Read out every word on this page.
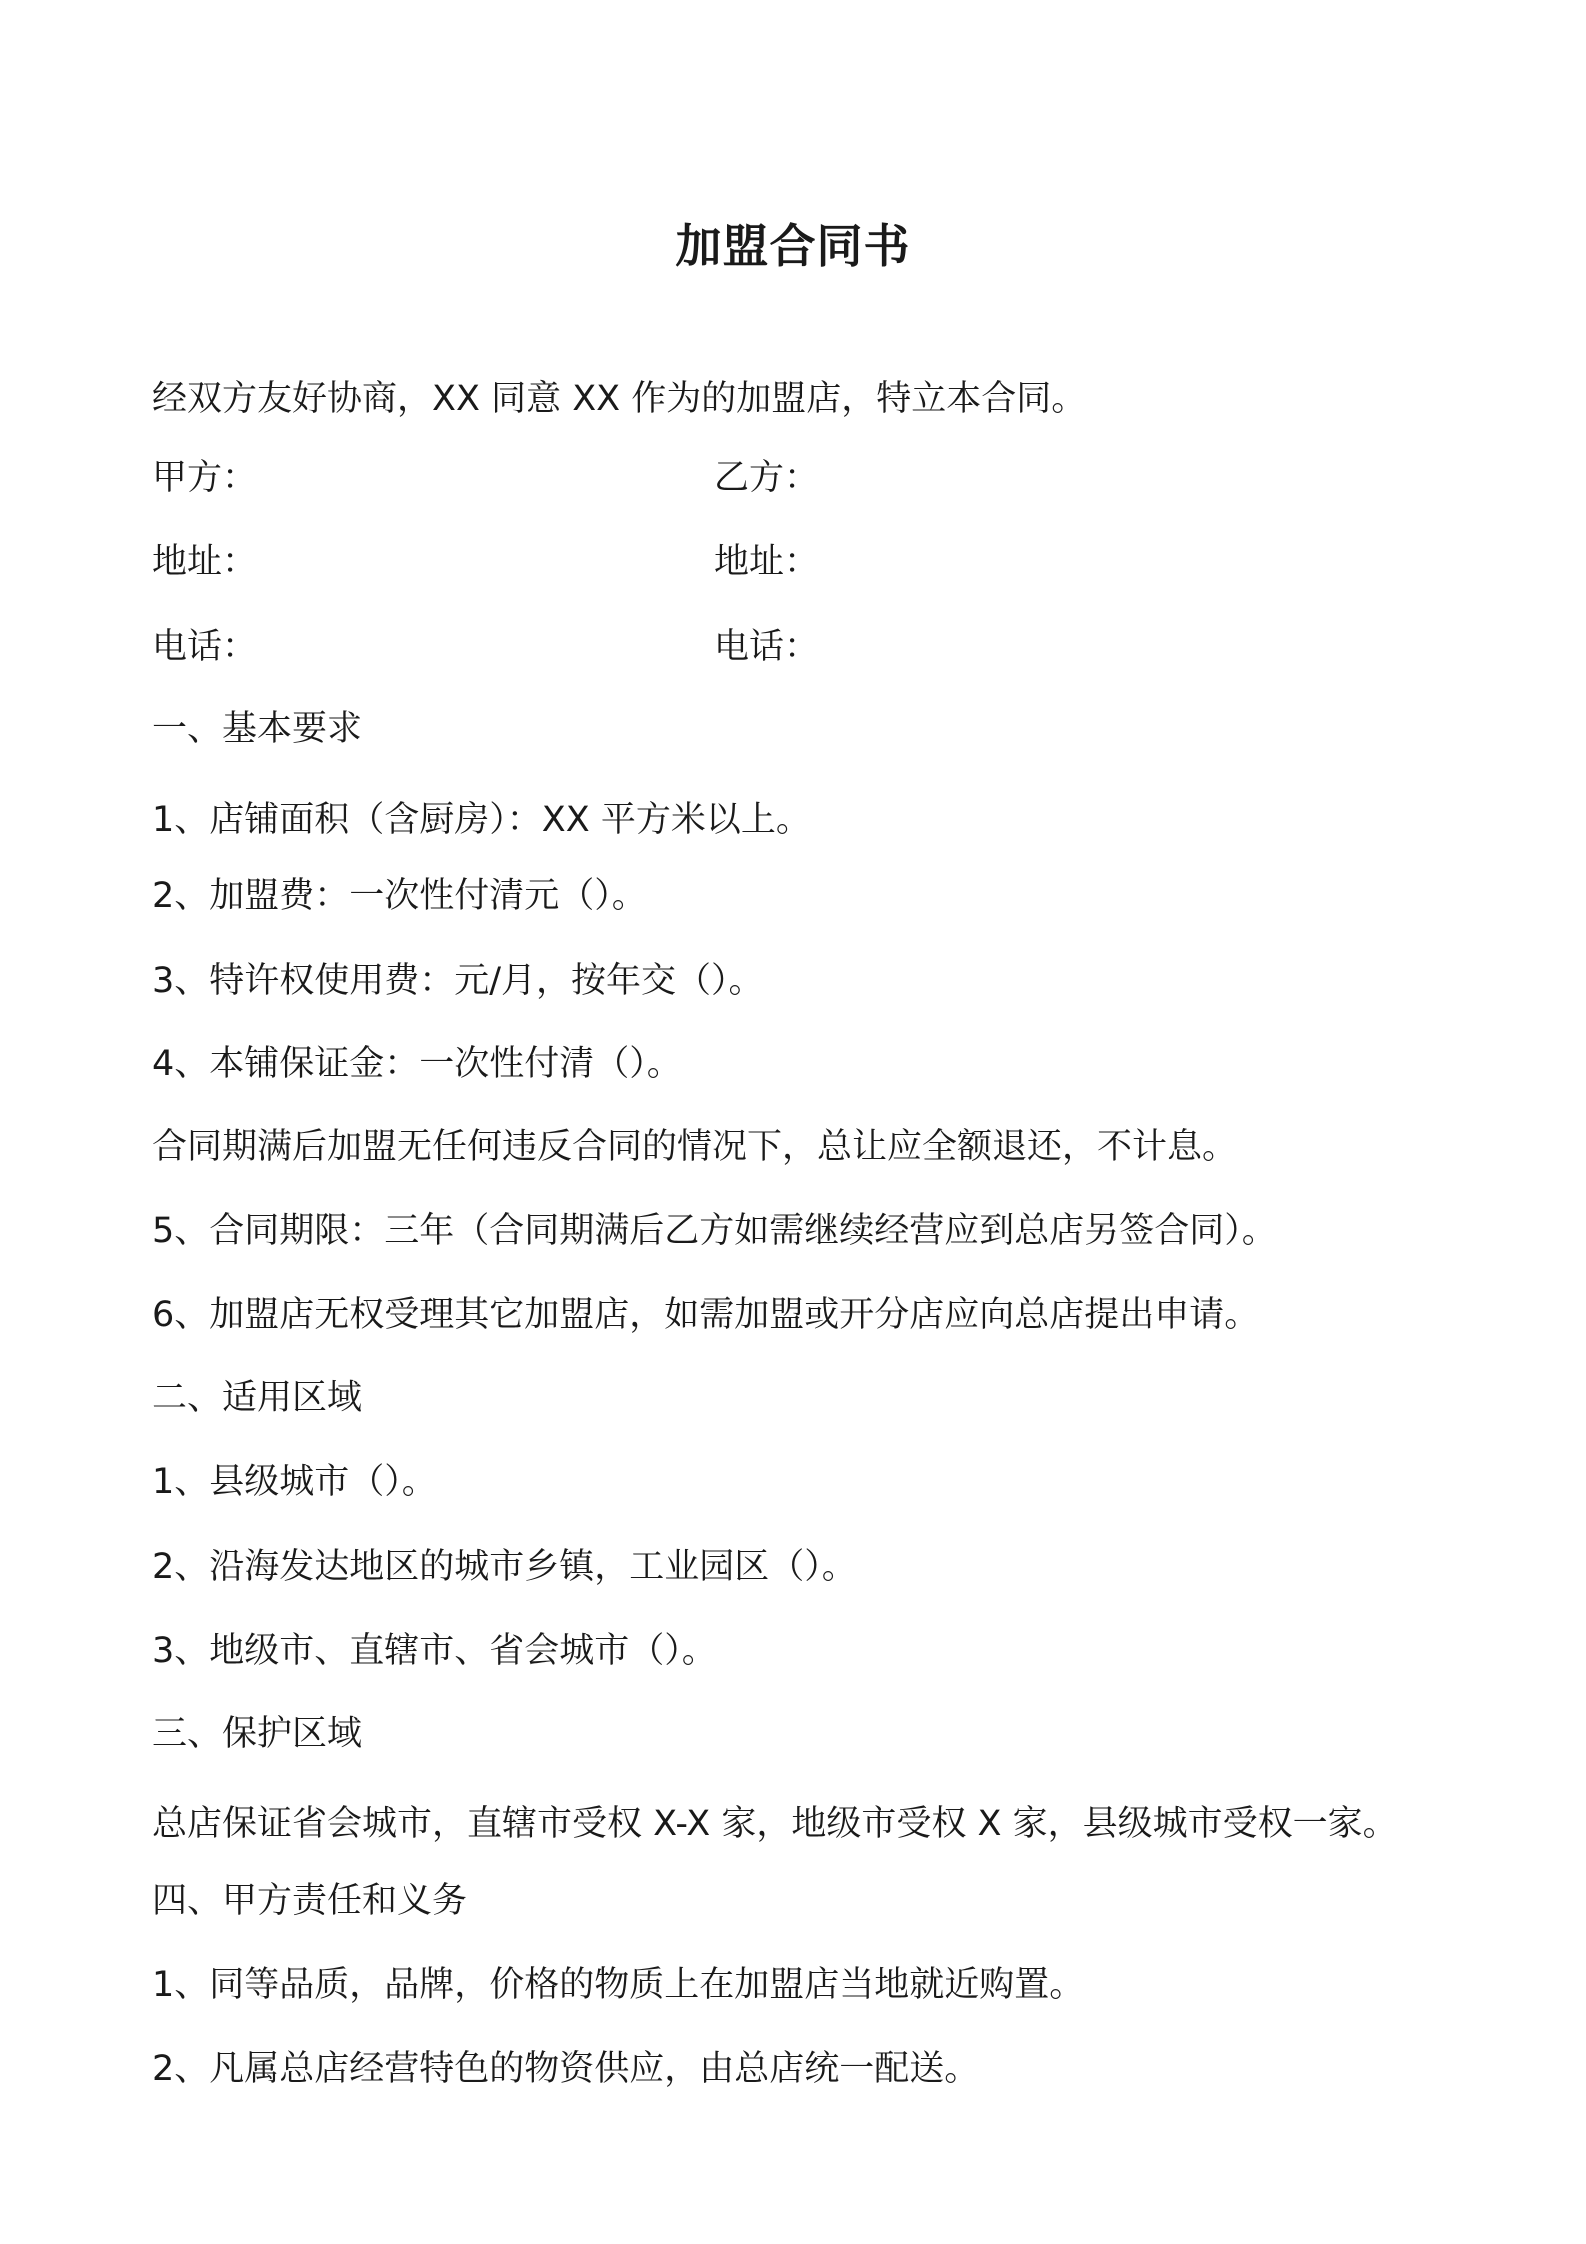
加盟合同书
经双方友好协商，XX 同意 XX 作为的加盟店，特立本合同。
甲方：	乙方：
地址：	地址：
电话：	电话：
一、基本要求
1、店铺面积（含厨房）：XX 平方米以上。
2、加盟费：一次性付清元（）。
3、特许权使用费：元/月，按年交（）。
4、本铺保证金：一次性付清（）。
合同期满后加盟无任何违反合同的情况下，总让应全额退还，不计息。
5、合同期限：三年（合同期满后乙方如需继续经营应到总店另签合同）。
6、加盟店无权受理其它加盟店，如需加盟或开分店应向总店提出申请。
二、适用区域
1、县级城市（）。
2、沿海发达地区的城市乡镇，工业园区（）。
3、地级市、直辖市、省会城市（）。
三、保护区域
总店保证省会城市，直辖市受权 X-X 家，地级市受权 X 家，县级城市受权一家。
四、甲方责任和义务
1、同等品质，品牌，价格的物质上在加盟店当地就近购置。
2、凡属总店经营特色的物资供应，由总店统一配送。
